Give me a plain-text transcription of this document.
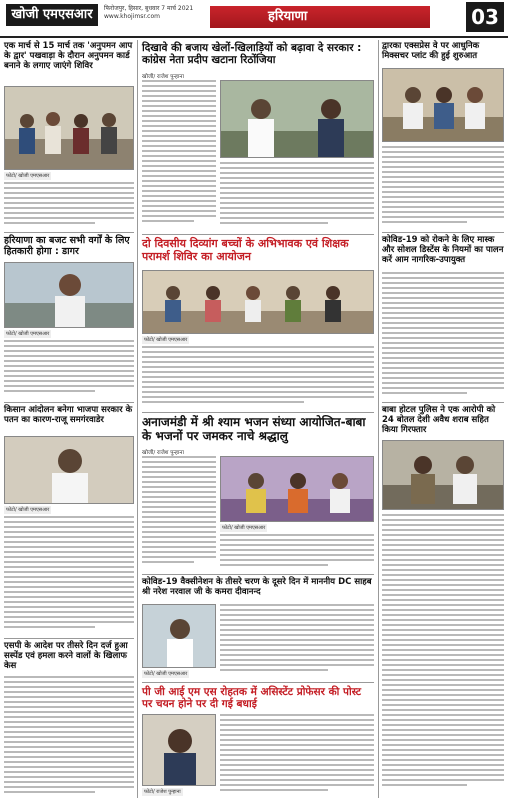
खोजी एमएसआर	फिरोजपुर, हिसार, बुधवार 7 मार्च 2021
www.khojimsr.com	हरियाणा	03
एक मार्च से 15 मार्च तक 'अनुपमन आप के द्वार' पखवाड़ा के दौरान अनुपमन कार्ड बनाने के लगाए जाएंगे शिविर
फोटो/ खोजी एमएसआर
हरियाणा का बजट सभी वर्गों के लिए हितकारी होगा : डागर
फोटो/ खोजी एमएसआर
किसान आंदोलन बनेगा भाजपा सरकार के पतन का कारण-राजू समगंरवाडेर
फोटो/ खोजी एमएसआर
एसपी के आदेश पर तीसरे दिन दर्ज हुआ सस्पेंड एवं हमला करने वालों के खिलाफ केस
दिखावे की बजाय खेलों-खिलाड़ियों को बढ़ावा दे सरकार : कांग्रेस नेता प्रदीप खटाना रिठोंजिया
खोजी/ राजेश पुन्हाना
दो दिवसीय दिव्यांग बच्चों के अभिभावक एवं शिक्षक परामर्श शिविर का आयोजन
फोटो/ खोजी एमएसआर
अनाजमंडी में श्री श्याम भजन संध्या आयोजित-बाबा के भजनों पर जमकर नाचे श्रद्धालु
खोजी/ राजेश पुन्हाना
फोटो/ खोजी एमएसआर
कोविड-19 वैक्सीनेशन के तीसरे चरण के दूसरे दिन में माननीय DC साहब श्री नरेश नरवाल जी के कमरा दीवानन्द
फोटो/ खोजी एमएसआर
पी जी आई एम एस रोहतक में असिस्टेंट प्रोफेसर की पोस्ट पर चयन होने पर दी गई बधाई
फोटो/ राजेश पुन्हाना
द्वारका एक्सप्रेस वे पर आधुनिक मिक्सचर प्लांट की हुई शुरुआत
कोविड-19 को रोकने के लिए मास्क और सोशल डिस्टेंस के नियमों का पालन करें आम नागरिक-उपायुक्त
बाबा होटल पुलिस ने एक आरोपी को 24 बोतल देशी अवैध शराब सहित किया गिरफ्तार
